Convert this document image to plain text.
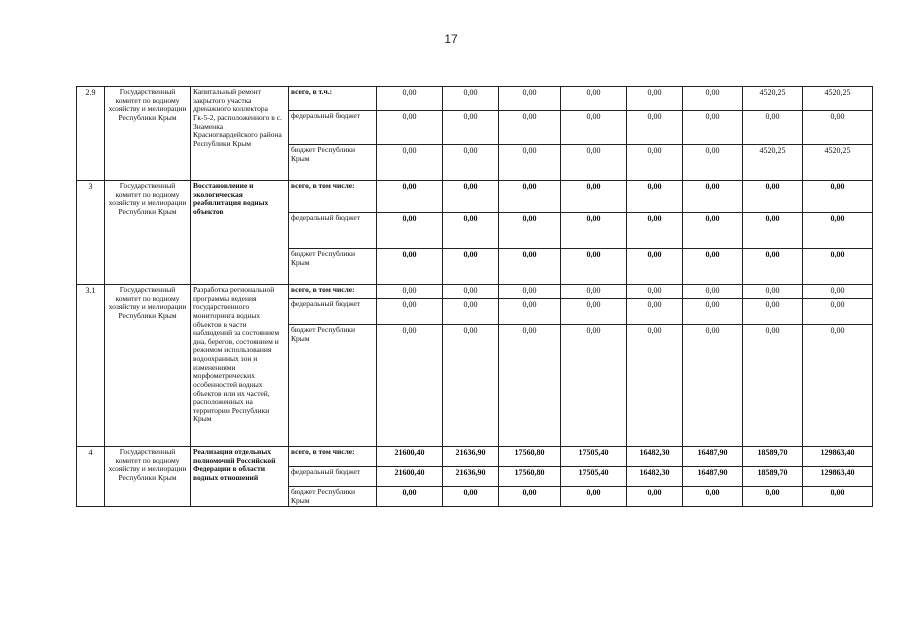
17
2.9	Государственный комитет по водному хозяйству и мелиорации Республики Крым	Капитальный ремонт закрытого участка дренажного коллектора Гк-5-2, расположенного в с. Знаменка Красногвардейского района Республики Крым	всего, в т.ч.:	0,00	0,00	0,00	0,00	0,00	0,00	4520,25	4520,25
			федеральный бюджет	0,00	0,00	0,00	0,00	0,00	0,00	0,00	0,00
			бюджет Республики Крым	0,00	0,00	0,00	0,00	0,00	0,00	4520,25	4520,25
3	Государственный комитет по водному хозяйству и мелиорации Республики Крым	Восстановление и экологическая реабилитация водных объектов	всего, в том числе:	0,00	0,00	0,00	0,00	0,00	0,00	0,00	0,00
			федеральный бюджет	0,00	0,00	0,00	0,00	0,00	0,00	0,00	0,00
			бюджет Республики Крым	0,00	0,00	0,00	0,00	0,00	0,00	0,00	0,00
3.1	Государственный комитет по водному хозяйству и мелиорации Республики Крым	Разработка региональной программы ведения государственного мониторинга водных объектов в части наблюдений за состоянием дна, берегов, состоянием и режимом использования водоохранных зон и изменениями морфометрических особенностей водных объектов или их частей, расположенных на территории Республики Крым	всего, в том числе:	0,00	0,00	0,00	0,00	0,00	0,00	0,00	0,00
			федеральный бюджет	0,00	0,00	0,00	0,00	0,00	0,00	0,00	0,00
			бюджет Республики Крым	0,00	0,00	0,00	0,00	0,00	0,00	0,00	0,00
4	Государственный комитет по водному хозяйству и мелиорации Республики Крым	Реализация отдельных полномочий Российской Федерации в области водных отношений	всего, в том числе:	21600,40	21636,90	17560,80	17505,40	16482,30	16487,90	18589,70	129863,40
			федеральный бюджет	21600,40	21636,90	17560,80	17505,40	16482,30	16487,90	18589,70	129863,40
			бюджет Республики Крым	0,00	0,00	0,00	0,00	0,00	0,00	0,00	0,00
